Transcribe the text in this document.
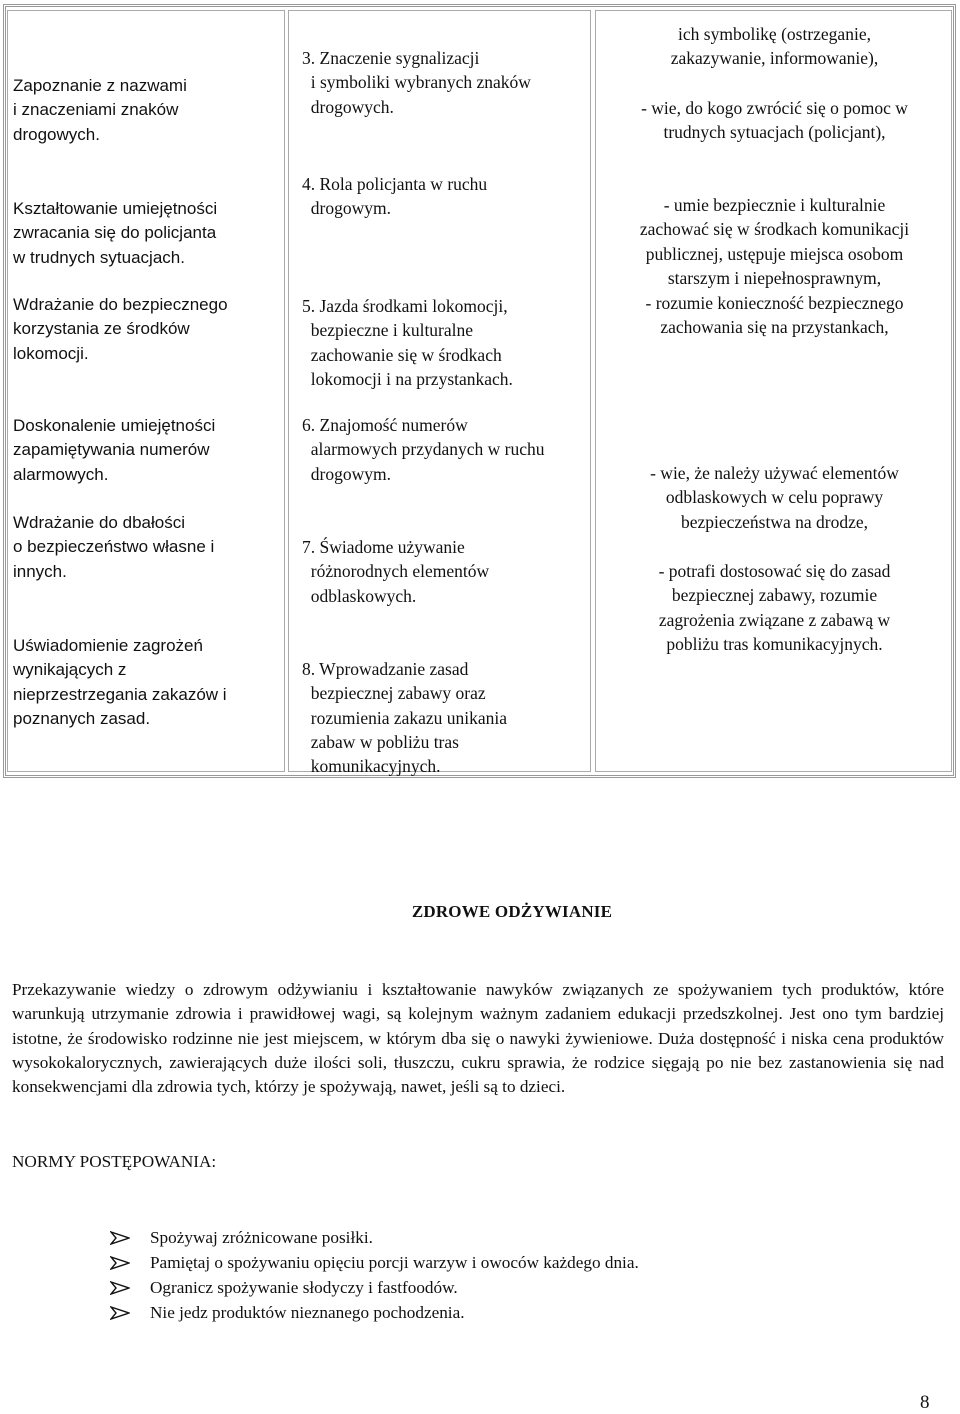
Zapoznanie z nazwami
i znaczeniami znaków
drogowych.

Kształtowanie umiejętności
zwracania się do policjanta
w trudnych sytuacjach.

Wdrażanie do bezpiecznego
korzystania ze środków
lokomocji.

Doskonalenie umiejętności
zapamiętywania numerów
alarmowych.

Wdrażanie do dbałości
o bezpieczeństwo własne i
innych.

Uświadomienie zagrożeń
wynikających z
nieprzestrzegania zakazów i
poznanych zasad.

3. Znaczenie sygnalizacji
i symboliki wybranych znaków
drogowych.

4. Rola policjanta w ruchu
drogowym.

5. Jazda środkami lokomocji,
bezpieczne i kulturalne
zachowanie się w środkach
lokomocji i na przystankach.

6. Znajomość numerów
alarmowych przydanych w ruchu
drogowym.

7. Świadome używanie
różnorodnych elementów
odblaskowych.

8. Wprowadzanie zasad
bezpiecznej zabawy oraz
rozumienia zakazu unikania
zabaw w pobliżu tras
komunikacyjnych.

ich symbolikę (ostrzeganie,
zakazywanie, informowanie),

- wie, do kogo zwrócić się o pomoc w
trudnych sytuacjach (policjant),

- umie bezpiecznie i kulturalnie
zachować się w środkach komunikacji
publicznej, ustępuje miejsca osobom
starszym i niepełnosprawnym,

- rozumie konieczność bezpiecznego
zachowania się na przystankach,

- wie, że należy używać elementów
odblaskowych w celu poprawy
bezpieczeństwa na drodze,

- potrafi dostosować się do zasad
bezpiecznej zabawy, rozumie
zagrożenia związane z zabawą w
pobliżu tras komunikacyjnych.

ZDROWE ODŻYWIANIE

Przekazywanie wiedzy o zdrowym odżywianiu i kształtowanie nawyków związanych ze spożywaniem tych produktów, które warunkują utrzymanie zdrowia i prawidłowej wagi, są kolejnym ważnym zadaniem edukacji przedszkolnej. Jest ono tym bardziej istotne, że środowisko rodzinne nie jest miejscem, w którym dba się o nawyki żywieniowe. Duża dostępność i niska cena produktów wysokokalorycznych, zawierających duże ilości soli, tłuszczu, cukru sprawia, że rodzice sięgają po nie bez zastanowienia się nad konsekwencjami dla zdrowia tych, którzy je spożywają, nawet, jeśli są to dzieci.

NORMY POSTĘPOWANIA:

Spożywaj zróżnicowane posiłki.

Pamiętaj o spożywaniu opięciu porcji warzyw i owoców każdego dnia.

Ogranicz spożywanie słodyczy i fastfoodów.

Nie jedz produktów nieznanego pochodzenia.

8
